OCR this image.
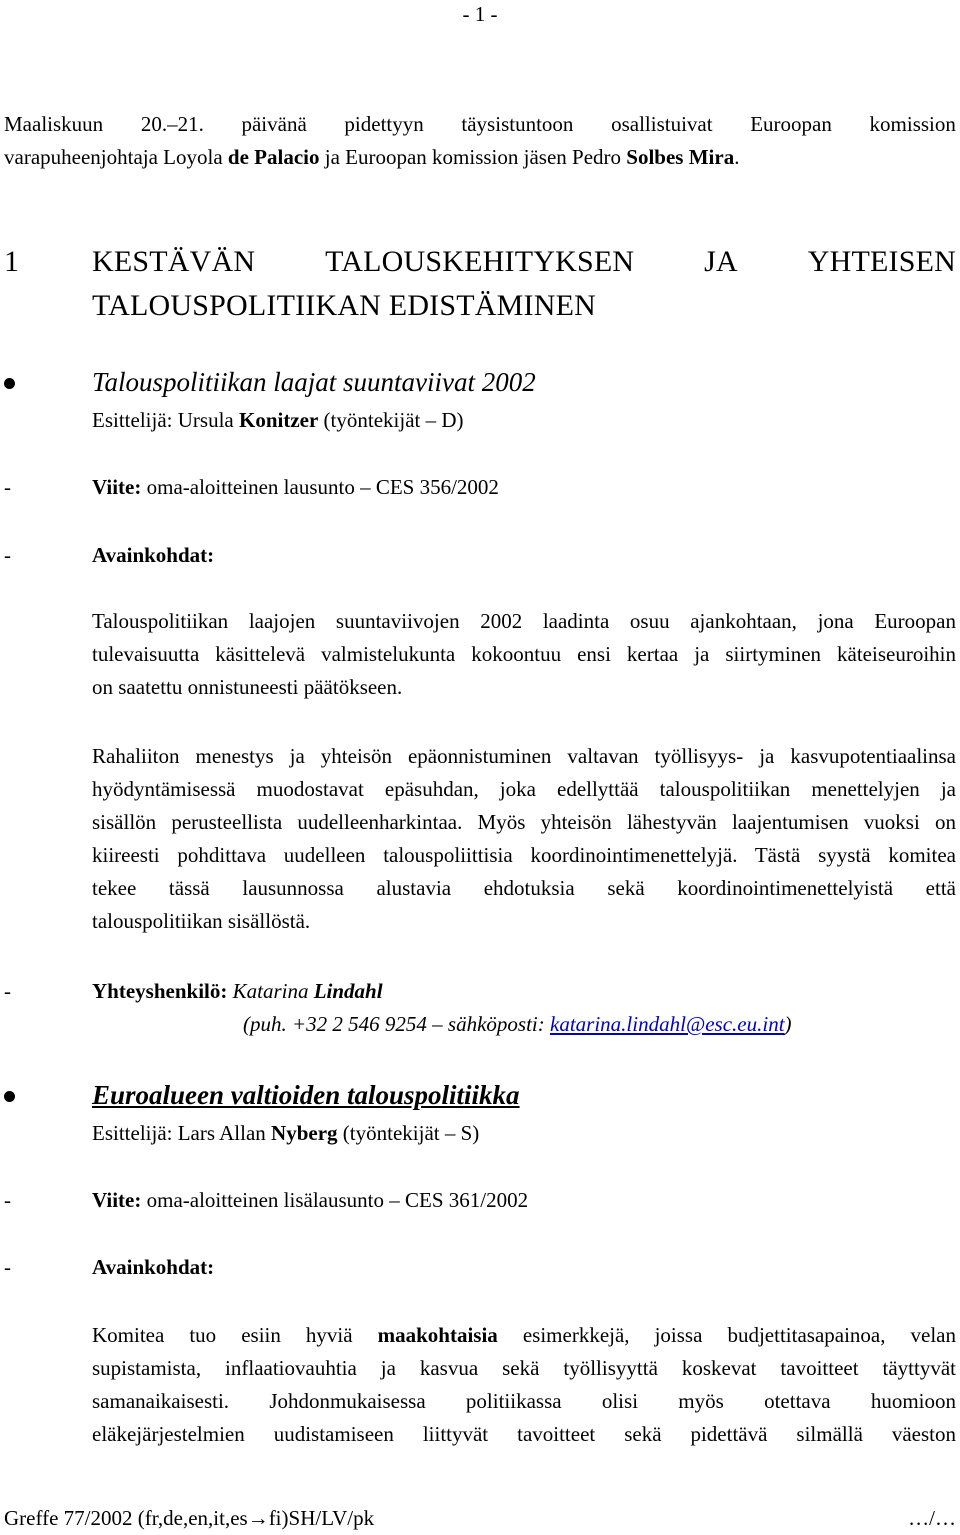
- 1 -
Maaliskuun 20.–21. päivänä pidettyyn täysistuntoon osallistuivat Euroopan komission
varapuheenjohtaja Loyola de Palacio ja Euroopan komission jäsen Pedro Solbes Mira.
1 KESTÄVÄN TALOUSKEHITYKSEN JA YHTEISEN
TALOUSPOLITIIKAN EDISTÄMINEN
Talouspolitiikan laajat suuntaviivat 2002
Esittelijä: Ursula Konitzer (työntekijät – D)
-	Viite: oma-aloitteinen lausunto – CES 356/2002
-	Avainkohdat:
Talouspolitiikan laajojen suuntaviivojen 2002 laadinta osuu ajankohtaan, jona Euroopan
tulevaisuutta käsittelevä valmistelukunta kokoontuu ensi kertaa ja siirtyminen käteiseuroihin
on saatettu onnistuneesti päätökseen.
Rahaliiton menestys ja yhteisön epäonnistuminen valtavan työllisyys- ja kasvupotentiaalinsa
hyödyntämisessä muodostavat epäsuhdan, joka edellyttää talouspolitiikan menettelyjen ja
sisällön perusteellista uudelleenharkintaa. Myös yhteisön lähestyvän laajentumisen vuoksi on
kiireesti pohdittava uudelleen talouspoliittisia koordinointimenettelyjä. Tästä syystä komitea
tekee tässä lausunnossa alustavia ehdotuksia sekä koordinointimenettelyistä että
talouspolitiikan sisällöstä.
-	Yhteyshenkilö: Katarina Lindahl
(puh. +32 2 546 9254 – sähköposti: katarina.lindahl@esc.eu.int)
Euroalueen valtioiden talouspolitiikka
Esittelijä: Lars Allan Nyberg (työntekijät – S)
-	Viite: oma-aloitteinen lisälausunto – CES 361/2002
-	Avainkohdat:
Komitea tuo esiin hyviä maakohtaisia esimerkkejä, joissa budjettitasapainoa, velan
supistamista, inflaatiovauhtia ja kasvua sekä työllisyyttä koskevat tavoitteet täyttyvät
samanaikaisesti. Johdonmukaisessa politiikassa olisi myös otettava huomioon
eläkejärjestelmien uudistamiseen liittyvät tavoitteet sekä pidettävä silmällä väeston
Greffe 77/2002 (fr,de,en,it,es→fi)SH/LV/pk	…/…
